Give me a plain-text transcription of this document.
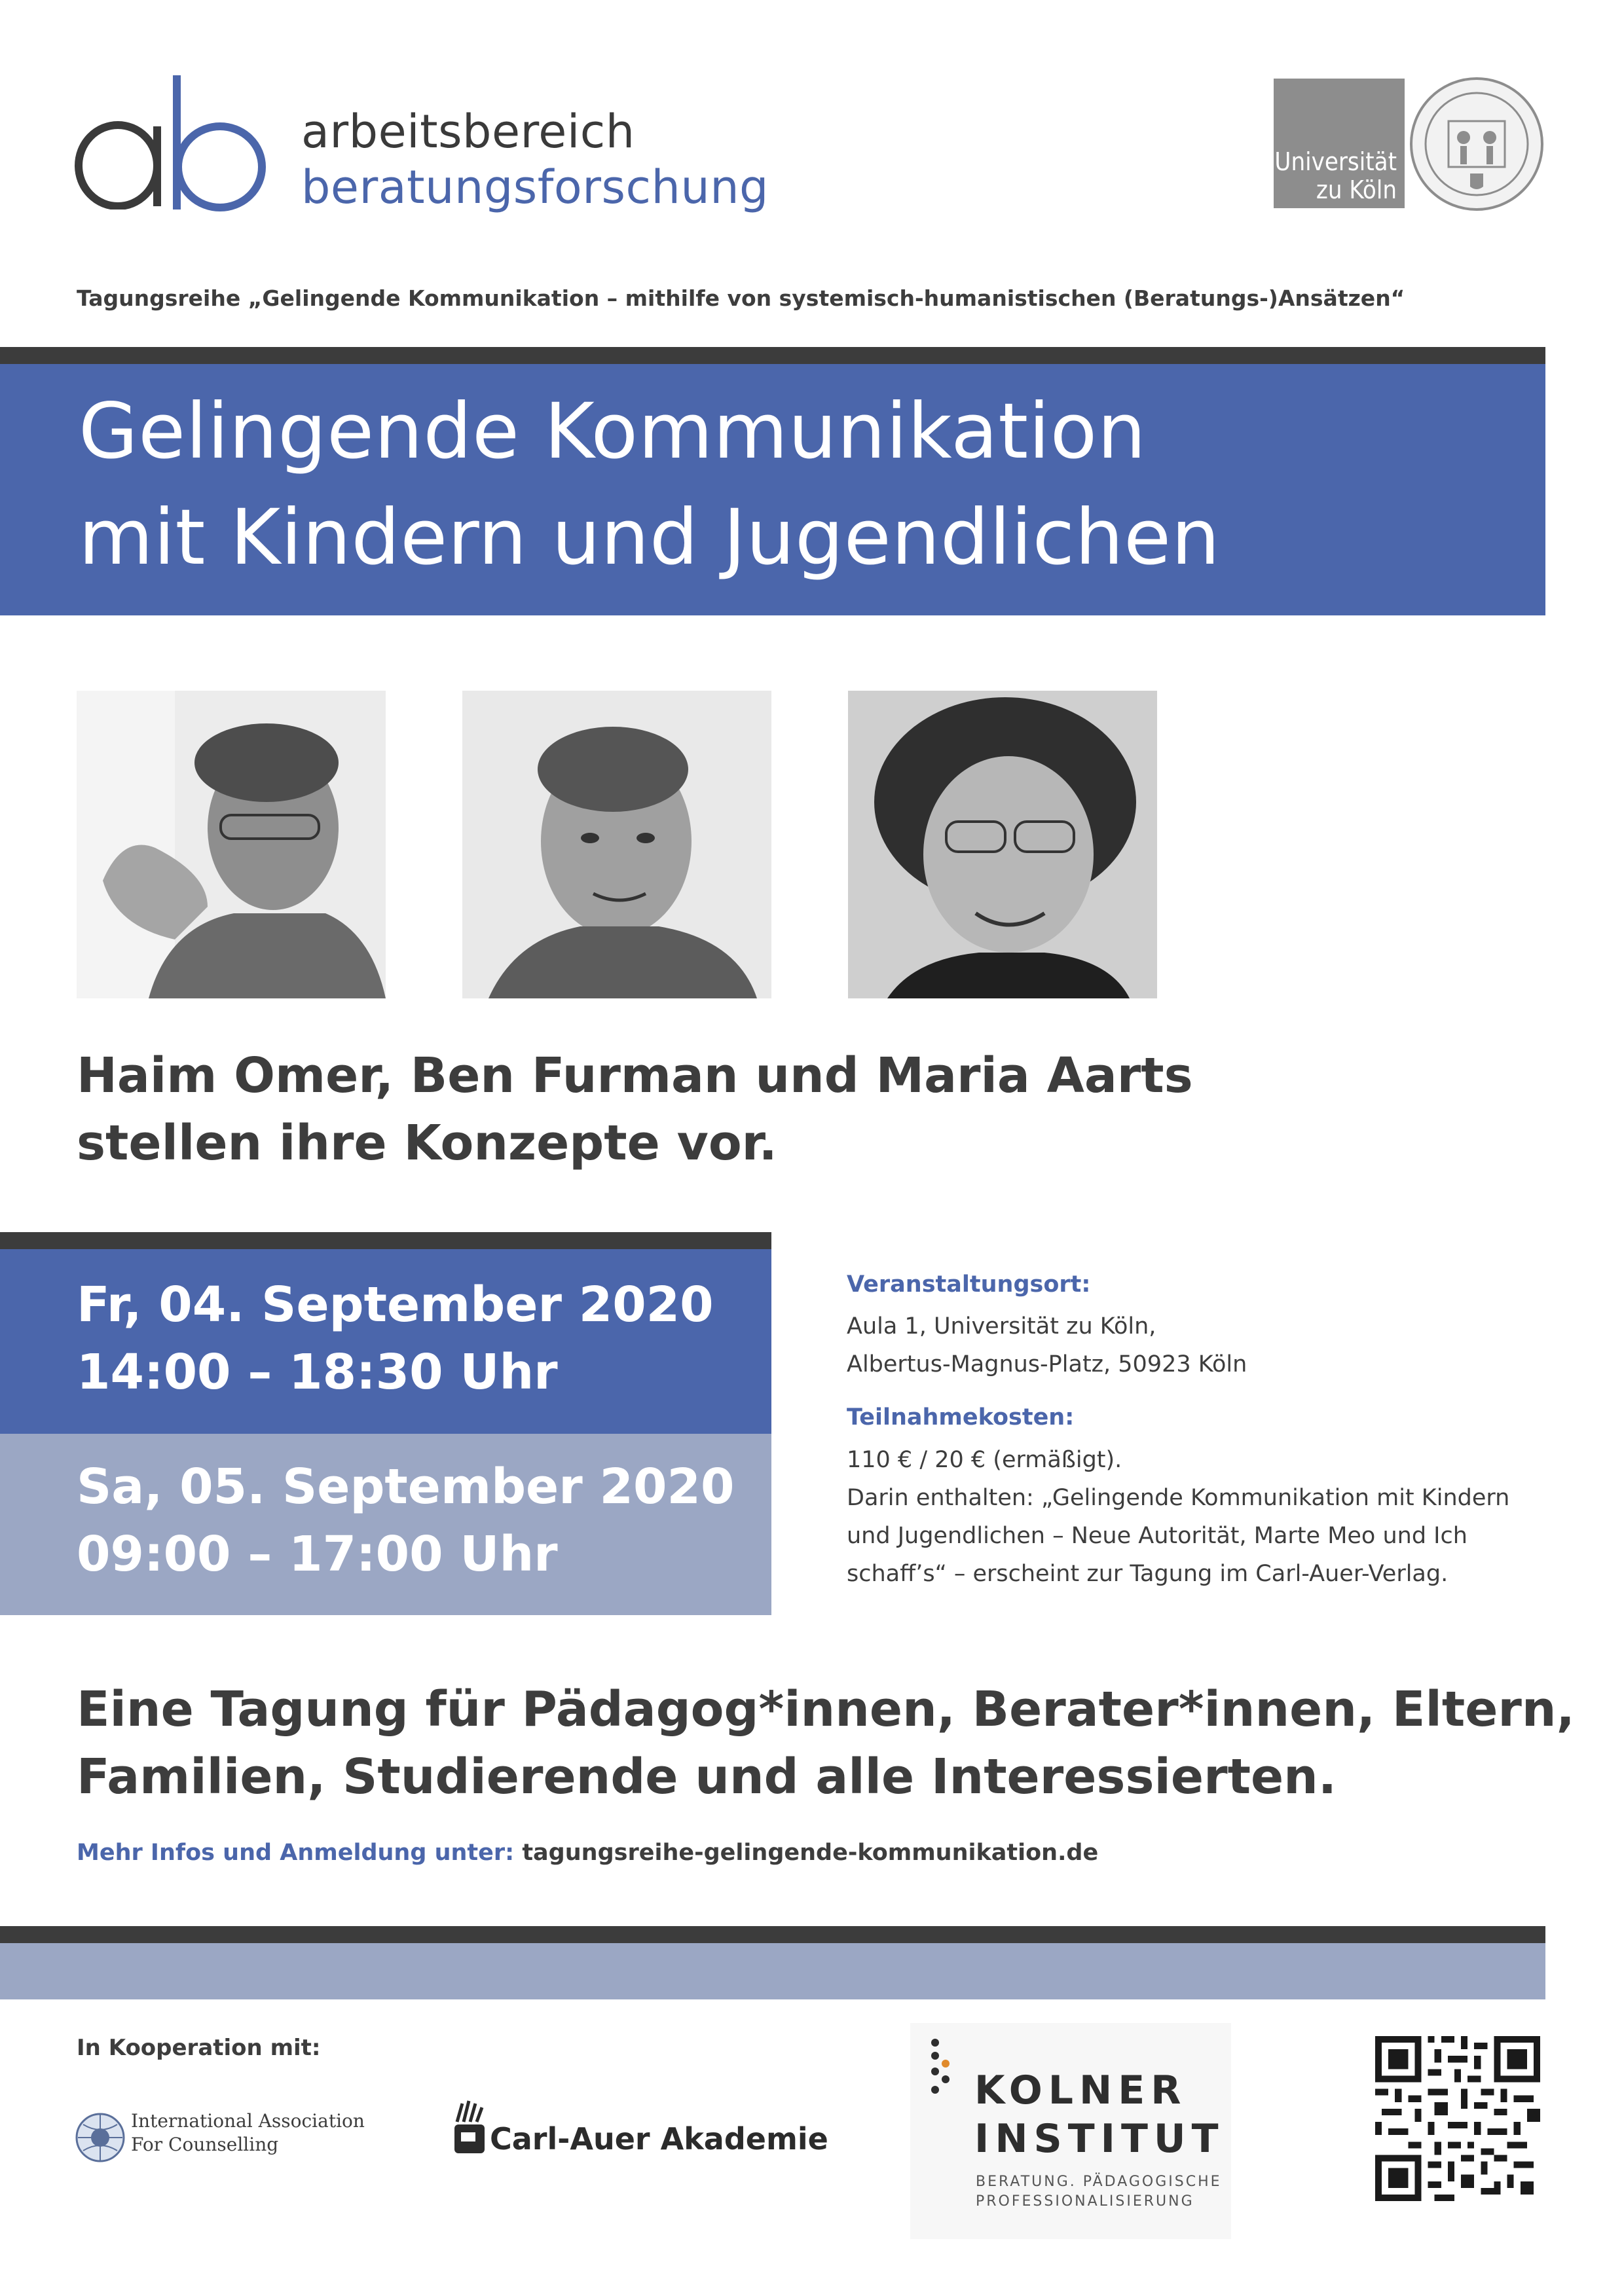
arbeitsbereich
beratungsforschung	Universität
zu Köln
Tagungsreihe „Gelingende Kommunikation – mithilfe von systemisch-humanistischen (Beratungs-)Ansätzen“
Gelingende Kommunikation
mit Kindern und Jugendlichen
Haim Omer, Ben Furman und Maria Aarts
stellen ihre Konzepte vor.
Fr, 04. September 2020
14:00 – 18:30 Uhr
Sa, 05. September 2020
09:00 – 17:00 Uhr
Veranstaltungsort:
Aula 1, Universität zu Köln,
Albertus-Magnus-Platz, 50923 Köln
Teilnahmekosten:
110 € / 20 € (ermäßigt).
Darin enthalten: „Gelingende Kommunikation mit Kindern
und Jugendlichen – Neue Autorität, Marte Meo und Ich
schaff’s“ – erscheint zur Tagung im Carl-Auer-Verlag.
Eine Tagung für Pädagog*innen, Berater*innen, Eltern,
Familien, Studierende und alle Interessierten.
Mehr Infos und Anmeldung unter: tagungsreihe-gelingende-kommunikation.de
In Kooperation mit:
International Association
For Counselling	Carl-Auer Akademie
KOLNER
INSTITUT
BERATUNG. PÄDAGOGISCHE
PROFESSIONALISIERUNG
